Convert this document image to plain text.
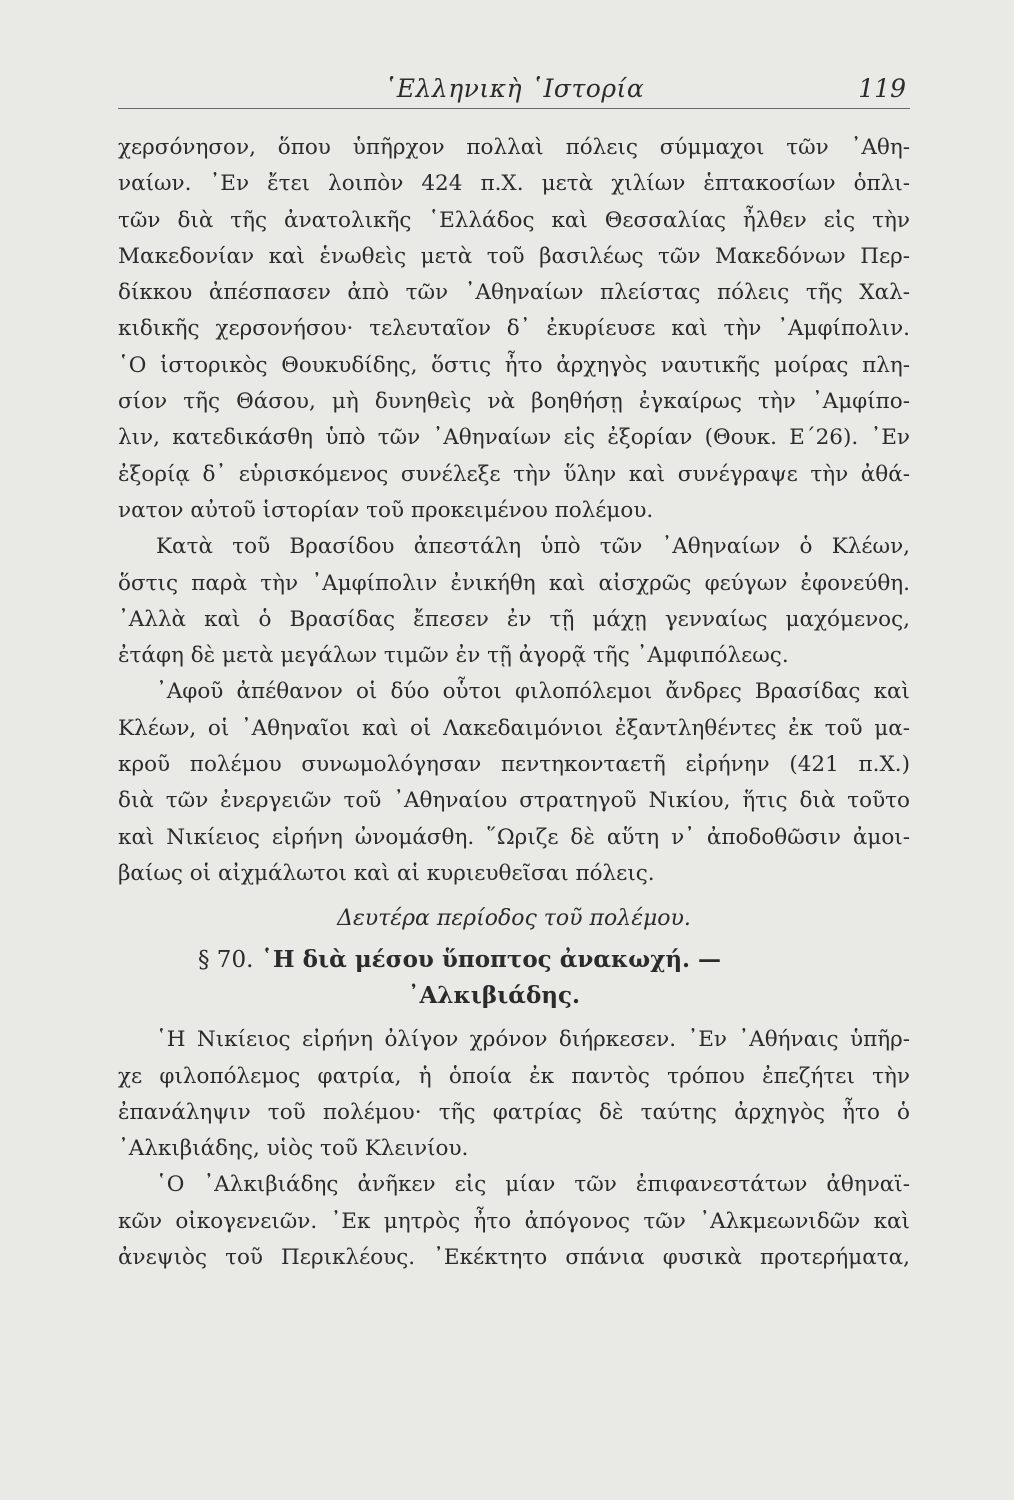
῾Ελληνικὴ ῾Ιστορία	119
χερσόνησον, ὅπου ὑπῆρχον πολλαὶ πόλεις σύμμαχοι τῶν ᾿Αθη-
ναίων. ᾿Εν ἔτει λοιπὸν 424 π.Χ. μετὰ χιλίων ἑπτακοσίων ὁπλι-
τῶν διὰ τῆς ἀνατολικῆς ῾Ελλάδος καὶ Θεσσαλίας ἦλθεν εἰς τὴν
Μακεδονίαν καὶ ἑνωθεὶς μετὰ τοῦ βασιλέως τῶν Μακεδόνων Περ-
δίκκου ἀπέσπασεν ἀπὸ τῶν ᾿Αθηναίων πλείστας πόλεις τῆς Χαλ-
κιδικῆς χερσονήσου· τελευταῖον δ᾿ ἐκυρίευσε καὶ τὴν ᾿Αμφίπολιν.
῾Ο ἱστορικὸς Θουκυδίδης, ὅστις ἦτο ἀρχηγὸς ναυτικῆς μοίρας πλη-
σίον τῆς Θάσου, μὴ δυνηθεὶς νὰ βοηθήσῃ ἐγκαίρως τὴν ᾿Αμφίπο-
λιν, κατεδικάσθη ὑπὸ τῶν ᾿Αθηναίων εἰς ἐξορίαν (Θουκ. Ε´26). ᾿Εν
ἐξορίᾳ δ᾿ εὑρισκόμενος συνέλεξε τὴν ὕλην καὶ συνέγραψε τὴν ἀθά-
νατον αὐτοῦ ἱστορίαν τοῦ προκειμένου πολέμου.
Κατὰ τοῦ Βρασίδου ἀπεστάλη ὑπὸ τῶν ᾿Αθηναίων ὁ Κλέων,
ὅστις παρὰ τὴν ᾿Αμφίπολιν ἐνικήθη καὶ αἰσχρῶς φεύγων ἐφονεύθη.
᾿Αλλὰ καὶ ὁ Βρασίδας ἔπεσεν ἐν τῇ μάχῃ γενναίως μαχόμενος,
ἐτάφη δὲ μετὰ μεγάλων τιμῶν ἐν τῇ ἀγορᾷ τῆς ᾿Αμφιπόλεως.
᾿Αφοῦ ἀπέθανον οἱ δύο οὗτοι φιλοπόλεμοι ἄνδρες Βρασίδας καὶ
Κλέων, οἱ ᾿Αθηναῖοι καὶ οἱ Λακεδαιμόνιοι ἐξαντληθέντες ἐκ τοῦ μα-
κροῦ πολέμου συνωμολόγησαν πεντηκονταετῆ εἰρήνην (421 π.Χ.)
διὰ τῶν ἐνεργειῶν τοῦ ᾿Αθηναίου στρατηγοῦ Νικίου, ἥτις διὰ τοῦτο
καὶ Νικίειος εἰρήνη ὠνομάσθη. ῞Ωριζε δὲ αὕτη ν᾿ ἀποδοθῶσιν ἀμοι-
βαίως οἱ αἰχμάλωτοι καὶ αἱ κυριευθεῖσαι πόλεις.
Δευτέρα περίοδος τοῦ πολέμου.
§ 70. ῾Η διὰ μέσου ὕποπτος ἀνακωχή. —
᾿Αλκιβιάδης.
῾Η Νικίειος εἰρήνη ὀλίγον χρόνον διήρκεσεν. ᾿Εν ᾿Αθήναις ὑπῆρ-
χε φιλοπόλεμος φατρία, ἡ ὁποία ἐκ παντὸς τρόπου ἐπεζήτει τὴν
ἐπανάληψιν τοῦ πολέμου· τῆς φατρίας δὲ ταύτης ἀρχηγὸς ἦτο ὁ
᾿Αλκιβιάδης, υἱὸς τοῦ Κλεινίου.
῾Ο ᾿Αλκιβιάδης ἀνῆκεν εἰς μίαν τῶν ἐπιφανεστάτων ἀθηναϊ-
κῶν οἰκογενειῶν. ᾿Εκ μητρὸς ἦτο ἀπόγονος τῶν ᾿Αλκμεωνιδῶν καὶ
ἀνεψιὸς τοῦ Περικλέους. ᾿Εκέκτητο σπάνια φυσικὰ προτερήματα,
